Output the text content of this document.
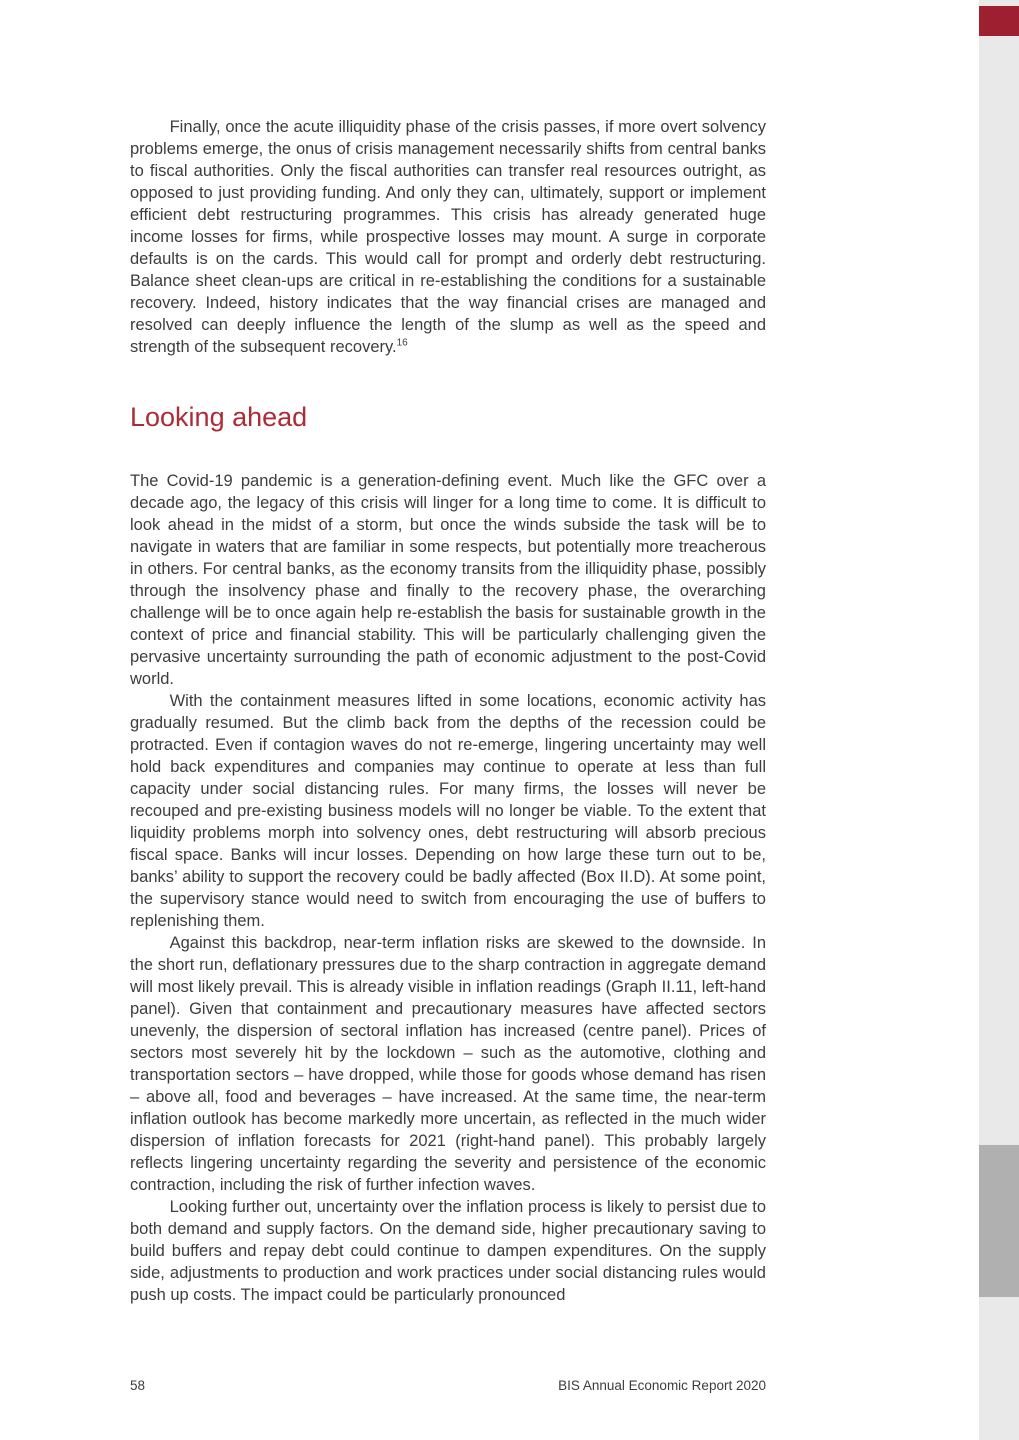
Finally, once the acute illiquidity phase of the crisis passes, if more overt solvency problems emerge, the onus of crisis management necessarily shifts from central banks to fiscal authorities. Only the fiscal authorities can transfer real resources outright, as opposed to just providing funding. And only they can, ultimately, support or implement efficient debt restructuring programmes. This crisis has already generated huge income losses for firms, while prospective losses may mount. A surge in corporate defaults is on the cards. This would call for prompt and orderly debt restructuring. Balance sheet clean-ups are critical in re-establishing the conditions for a sustainable recovery. Indeed, history indicates that the way financial crises are managed and resolved can deeply influence the length of the slump as well as the speed and strength of the subsequent recovery.$^{16}$

Looking ahead

The Covid-19 pandemic is a generation-defining event. Much like the GFC over a decade ago, the legacy of this crisis will linger for a long time to come. It is difficult to look ahead in the midst of a storm, but once the winds subside the task will be to navigate in waters that are familiar in some respects, but potentially more treacherous in others. For central banks, as the economy transits from the illiquidity phase, possibly through the insolvency phase and finally to the recovery phase, the overarching challenge will be to once again help re-establish the basis for sustainable growth in the context of price and financial stability. This will be particularly challenging given the pervasive uncertainty surrounding the path of economic adjustment to the post-Covid world.

With the containment measures lifted in some locations, economic activity has gradually resumed. But the climb back from the depths of the recession could be protracted. Even if contagion waves do not re-emerge, lingering uncertainty may well hold back expenditures and companies may continue to operate at less than full capacity under social distancing rules. For many firms, the losses will never be recouped and pre-existing business models will no longer be viable. To the extent that liquidity problems morph into solvency ones, debt restructuring will absorb precious fiscal space. Banks will incur losses. Depending on how large these turn out to be, banks’ ability to support the recovery could be badly affected (Box II.D). At some point, the supervisory stance would need to switch from encouraging the use of buffers to replenishing them.

Against this backdrop, near-term inflation risks are skewed to the downside. In the short run, deflationary pressures due to the sharp contraction in aggregate demand will most likely prevail. This is already visible in inflation readings (Graph II.11, left-hand panel). Given that containment and precautionary measures have affected sectors unevenly, the dispersion of sectoral inflation has increased (centre panel). Prices of sectors most severely hit by the lockdown – such as the automotive, clothing and transportation sectors – have dropped, while those for goods whose demand has risen – above all, food and beverages – have increased. At the same time, the near-term inflation outlook has become markedly more uncertain, as reflected in the much wider dispersion of inflation forecasts for 2021 (right-hand panel). This probably largely reflects lingering uncertainty regarding the severity and persistence of the economic contraction, including the risk of further infection waves.

Looking further out, uncertainty over the inflation process is likely to persist due to both demand and supply factors. On the demand side, higher precautionary saving to build buffers and repay debt could continue to dampen expenditures. On the supply side, adjustments to production and work practices under social distancing rules would push up costs. The impact could be particularly pronounced

58	BIS Annual Economic Report 2020
